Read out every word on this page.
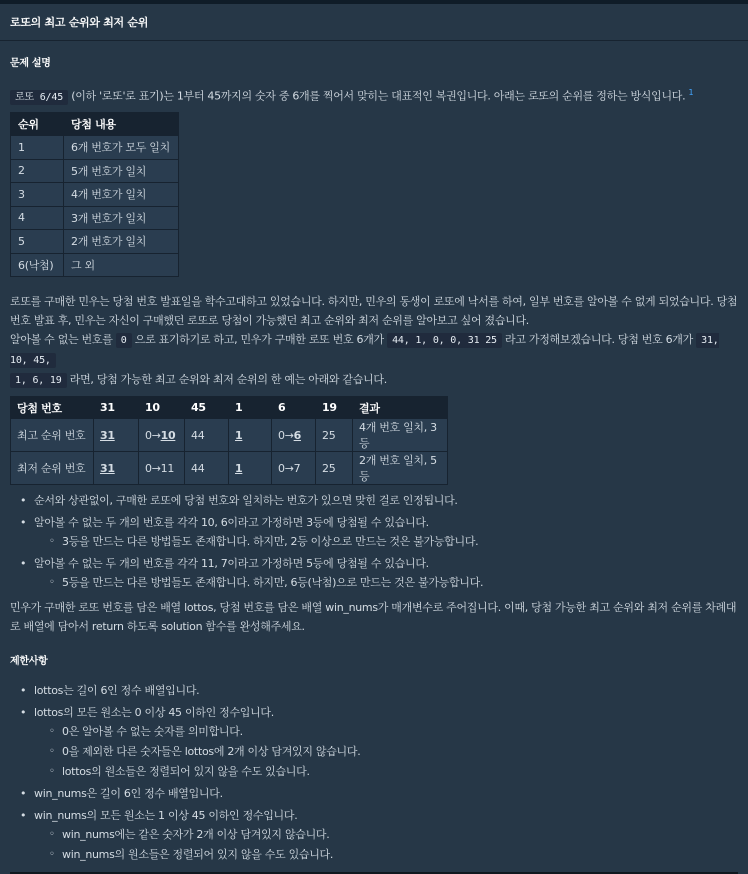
로또의 최고 순위와 최저 순위
문제 설명

로또 6/45 (이하 '로또'로 표기)는 1부터 45까지의 숫자 중 6개를 찍어서 맞히는 대표적인 복권입니다. 아래는 로또의 순위를 정하는 방식입니다. $^1$

순위	당첨 내용
1	6개 번호가 모두 일치
2	5개 번호가 일치
3	4개 번호가 일치
4	3개 번호가 일치
5	2개 번호가 일치
6(낙첨)	그 외

로또를 구매한 민우는 당첨 번호 발표일을 학수고대하고 있었습니다. 하지만, 민우의 동생이 로또에 낙서를 하여, 일부 번호를 알아볼 수 없게 되었습니다. 당첨 번호 발표 후, 민우는 자신이 구매했던 로또로 당첨이 가능했던 최고 순위와 최저 순위를 알아보고 싶어 졌습니다.

알아볼 수 없는 번호를 0 으로 표기하기로 하고, 민우가 구매한 로또 번호 6개가 44, 1, 0, 0, 31 25 라고 가정해보겠습니다. 당첨 번호 6개가 31, 10, 45,
1, 6, 19 라면, 당첨 가능한 최고 순위와 최저 순위의 한 예는 아래와 같습니다.

당첨 번호	31	10	45	1	6	19	결과
최고 순위 번호	31	0→10	44	1	0→6	25	4개 번호 일치, 3등
최저 순위 번호	31	0→11	44	1	0→7	25	2개 번호 일치, 5등
• 순서와 상관없이, 구매한 로또에 당첨 번호와 일치하는 번호가 있으면 맞힌 걸로 인정됩니다.
• 알아볼 수 없는 두 개의 번호를 각각 10, 6이라고 가정하면 3등에 당첨될 수 있습니다.
◦ 3등을 만드는 다른 방법들도 존재합니다. 하지만, 2등 이상으로 만드는 것은 불가능합니다.
• 알아볼 수 없는 두 개의 번호를 각각 11, 7이라고 가정하면 5등에 당첨될 수 있습니다.
◦ 5등을 만드는 다른 방법들도 존재합니다. 하지만, 6등(낙첨)으로 만드는 것은 불가능합니다.

민우가 구매한 로또 번호를 담은 배열 lottos, 당첨 번호를 담은 배열 win_nums가 매개변수로 주어집니다. 이때, 당첨 가능한 최고 순위와 최저 순위를 차례대로 배열에 담아서 return 하도록 solution 함수를 완성해주세요.

제한사항
• lottos는 길이 6인 정수 배열입니다.
• lottos의 모든 원소는 0 이상 45 이하인 정수입니다.
◦ 0은 알아볼 수 없는 숫자를 의미합니다.
◦ 0을 제외한 다른 숫자들은 lottos에 2개 이상 담겨있지 않습니다.
◦ lottos의 원소들은 정렬되어 있지 않을 수도 있습니다.
• win_nums은 길이 6인 정수 배열입니다.
• win_nums의 모든 원소는 1 이상 45 이하인 정수입니다.
◦ win_nums에는 같은 숫자가 2개 이상 담겨있지 않습니다.
◦ win_nums의 원소들은 정렬되어 있지 않을 수도 있습니다.
